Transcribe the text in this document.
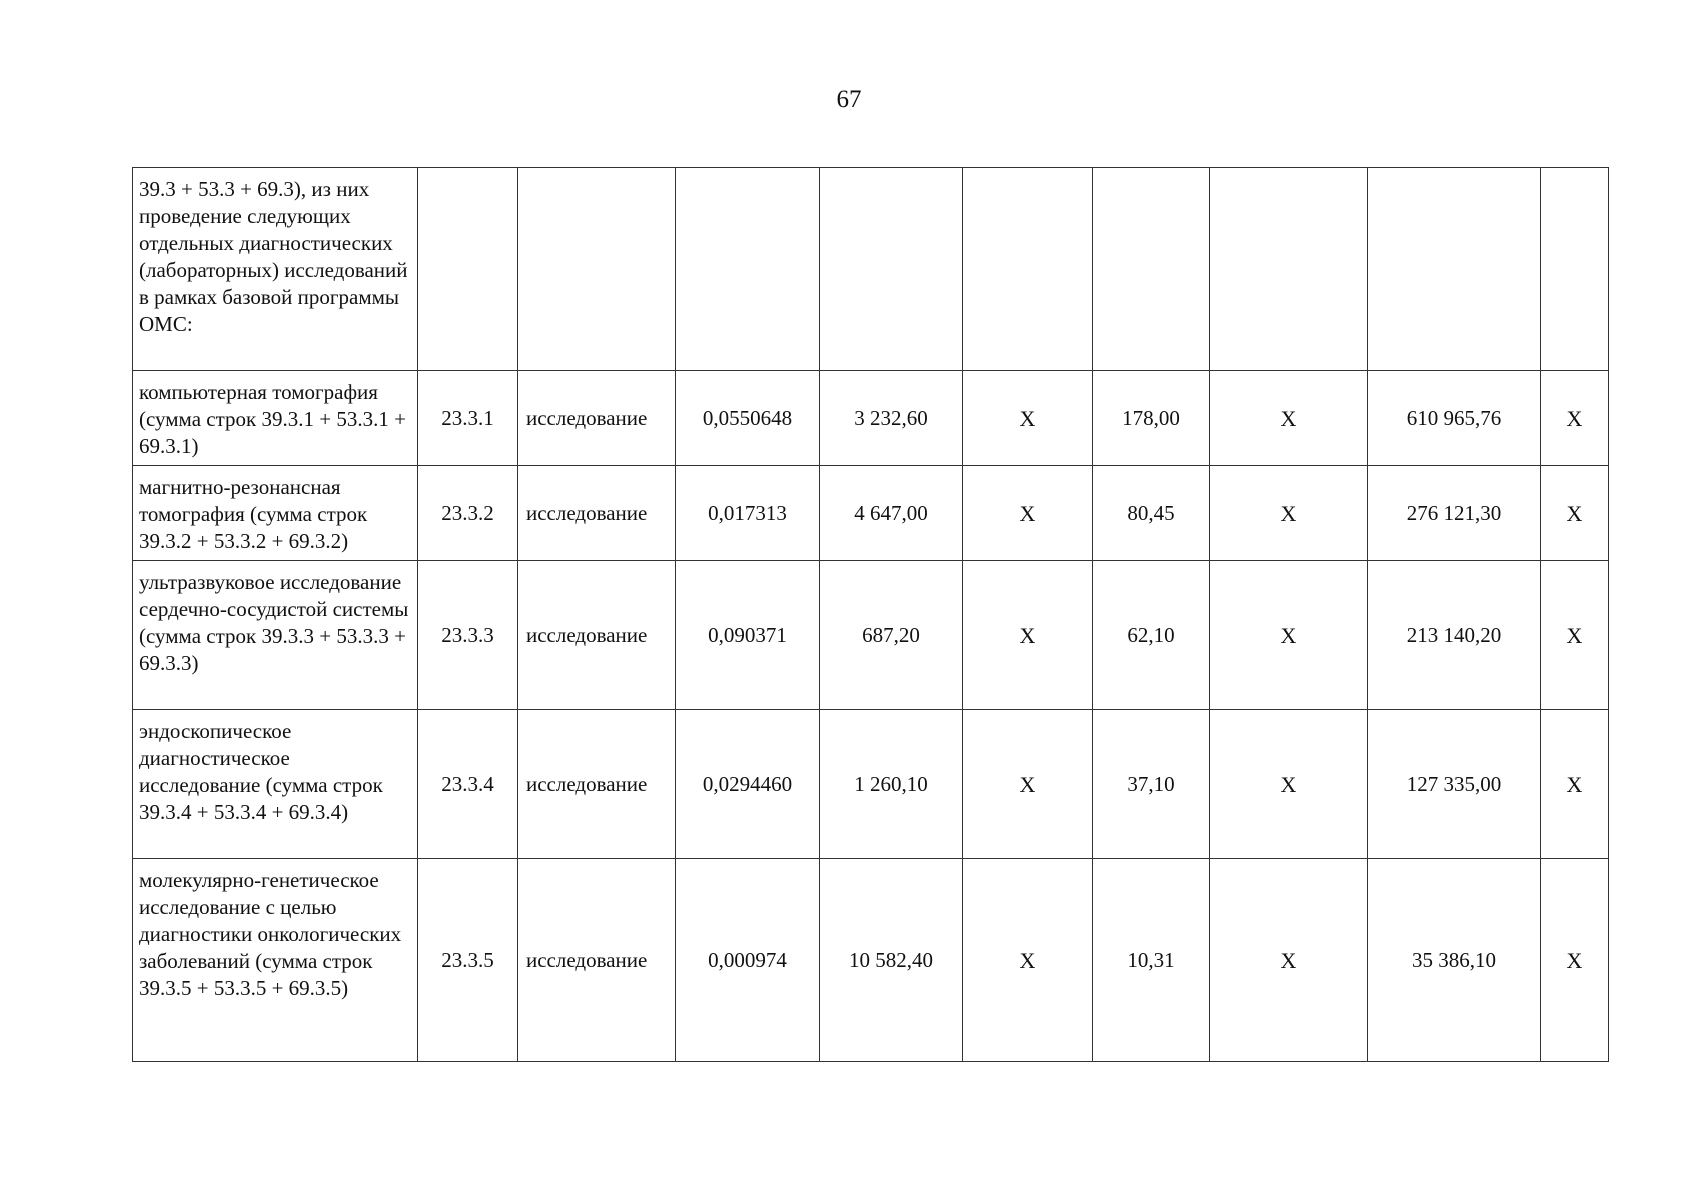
67
39.3 + 53.3 + 69.3), из них проведение следующих отдельных диагностических (лабораторных) исследований в рамках базовой программы ОМС:									
компьютерная томография (сумма строк 39.3.1 + 53.3.1 + 69.3.1)	23.3.1	исследование	0,0550648	3 232,60	X	178,00	X	610 965,76	X
магнитно-резонансная томография (сумма строк 39.3.2 + 53.3.2 + 69.3.2)	23.3.2	исследование	0,017313	4 647,00	X	80,45	X	276 121,30	X
ультразвуковое исследование сердечно-сосудистой системы (сумма строк 39.3.3 + 53.3.3 + 69.3.3)	23.3.3	исследование	0,090371	687,20	X	62,10	X	213 140,20	X
эндоскопическое диагностическое исследование (сумма строк 39.3.4 + 53.3.4 + 69.3.4)	23.3.4	исследование	0,0294460	1 260,10	X	37,10	X	127 335,00	X
молекулярно-генетическое исследование с целью диагностики онкологических заболеваний (сумма строк 39.3.5 + 53.3.5 + 69.3.5)	23.3.5	исследование	0,000974	10 582,40	X	10,31	X	35 386,10	X
